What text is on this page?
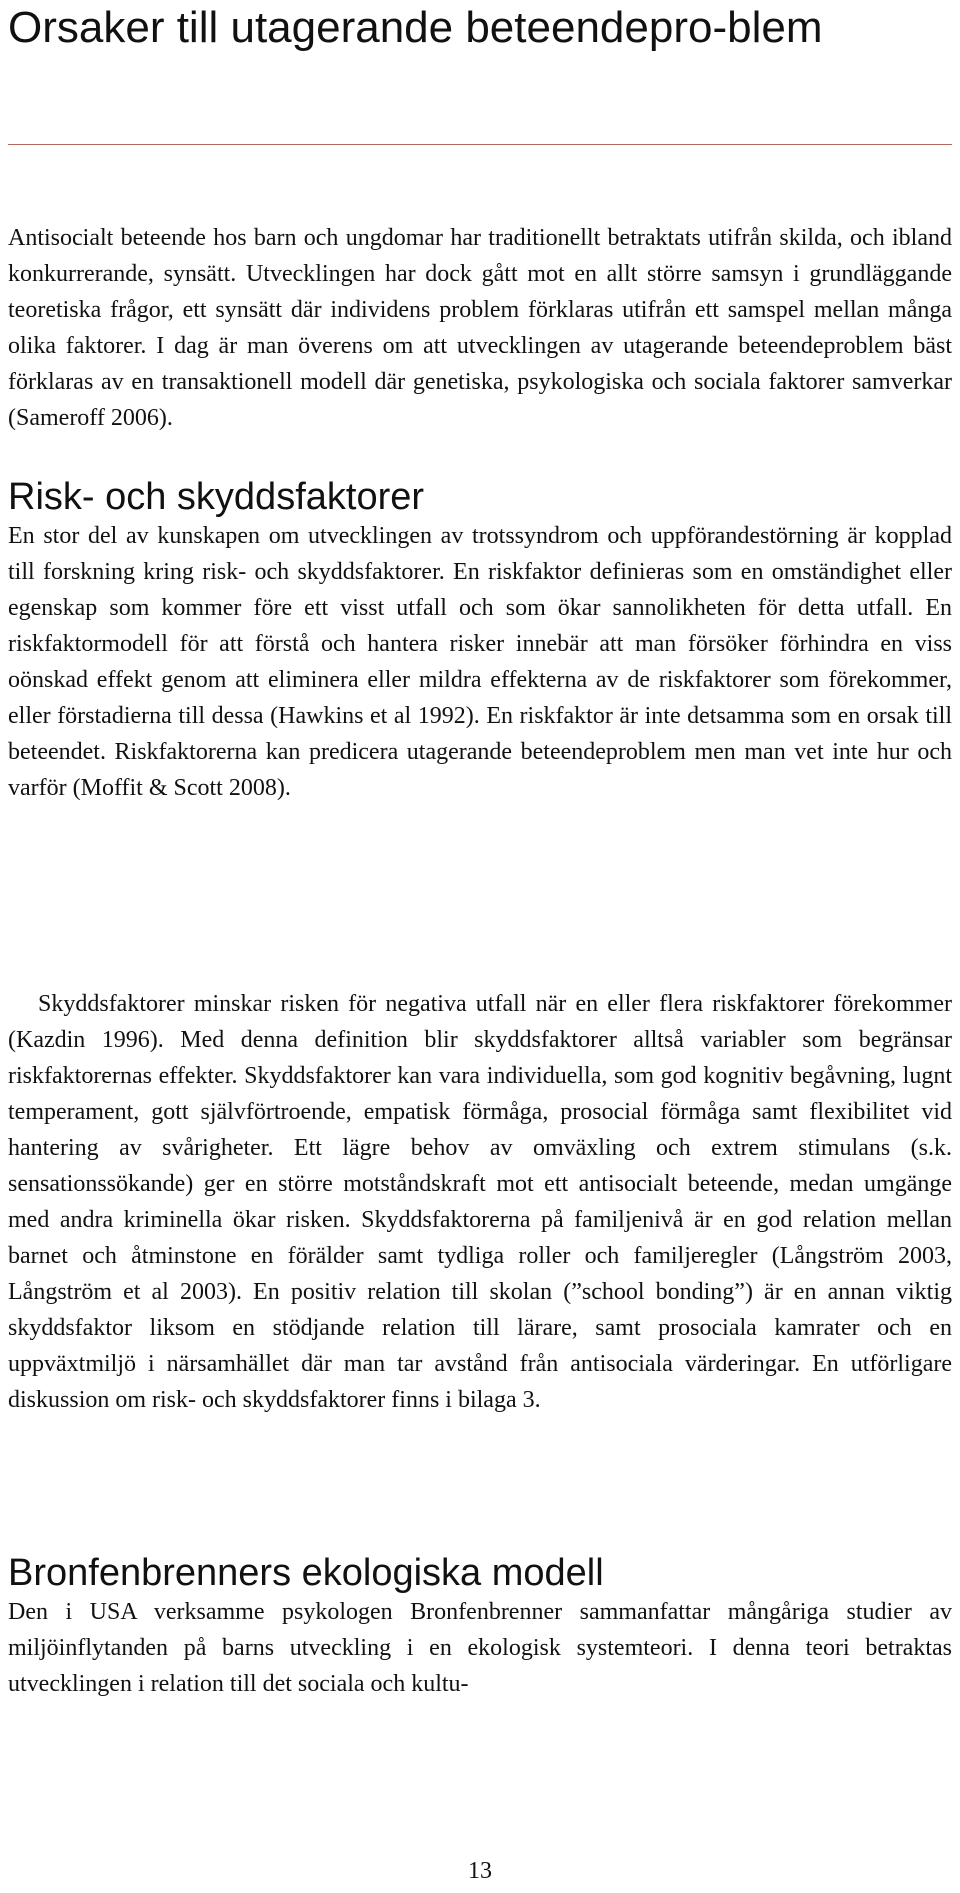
Orsaker till utagerande beteendepro-blem

Antisocialt beteende hos barn och ungdomar har traditionellt betraktats utifrån skilda, och ibland konkurrerande, synsätt. Utvecklingen har dock gått mot en allt större samsyn i grundläggande teoretiska frågor, ett synsätt där individens problem förklaras utifrån ett samspel mellan många olika faktorer. I dag är man överens om att utvecklingen av utagerande beteendeproblem bäst förklaras av en transaktionell modell där genetiska, psykologiska och sociala faktorer samverkar (Sameroff 2006).

Risk- och skyddsfaktorer

En stor del av kunskapen om utvecklingen av trotssyndrom och uppförandestörning är kopplad till forskning kring risk- och skyddsfaktorer. En riskfaktor definieras som en omständighet eller egenskap som kommer före ett visst utfall och som ökar sannolikheten för detta utfall. En riskfaktormodell för att förstå och hantera risker innebär att man försöker förhindra en viss oönskad effekt genom att eliminera eller mildra effekterna av de riskfaktorer som förekommer, eller förstadierna till dessa (Hawkins et al 1992). En riskfaktor är inte detsamma som en orsak till beteendet. Riskfaktorerna kan predicera utagerande beteendeproblem men man vet inte hur och varför (Moffit & Scott 2008).

Skyddsfaktorer minskar risken för negativa utfall när en eller flera riskfaktorer förekommer (Kazdin 1996). Med denna definition blir skyddsfaktorer alltså variabler som begränsar riskfaktorernas effekter. Skyddsfaktorer kan vara individuella, som god kognitiv begåvning, lugnt temperament, gott självförtroende, empatisk förmåga, prosocial förmåga samt flexibilitet vid hantering av svårigheter. Ett lägre behov av omväxling och extrem stimulans (s.k. sensationssökande) ger en större motståndskraft mot ett antisocialt beteende, medan umgänge med andra kriminella ökar risken. Skyddsfaktorerna på familjenivå är en god relation mellan barnet och åtminstone en förälder samt tydliga roller och familjeregler (Långström 2003, Långström et al 2003). En positiv relation till skolan (”school bonding”) är en annan viktig skyddsfaktor liksom en stödjande relation till lärare, samt prosociala kamrater och en uppväxtmiljö i närsamhället där man tar avstånd från antisociala värderingar. En utförligare diskussion om risk- och skyddsfaktorer finns i bilaga 3.

Bronfenbrenners ekologiska modell

Den i USA verksamme psykologen Bronfenbrenner sammanfattar mångåriga studier av miljöinflytanden på barns utveckling i en ekologisk systemteori. I denna teori betraktas utvecklingen i relation till det sociala och kultu-

13
